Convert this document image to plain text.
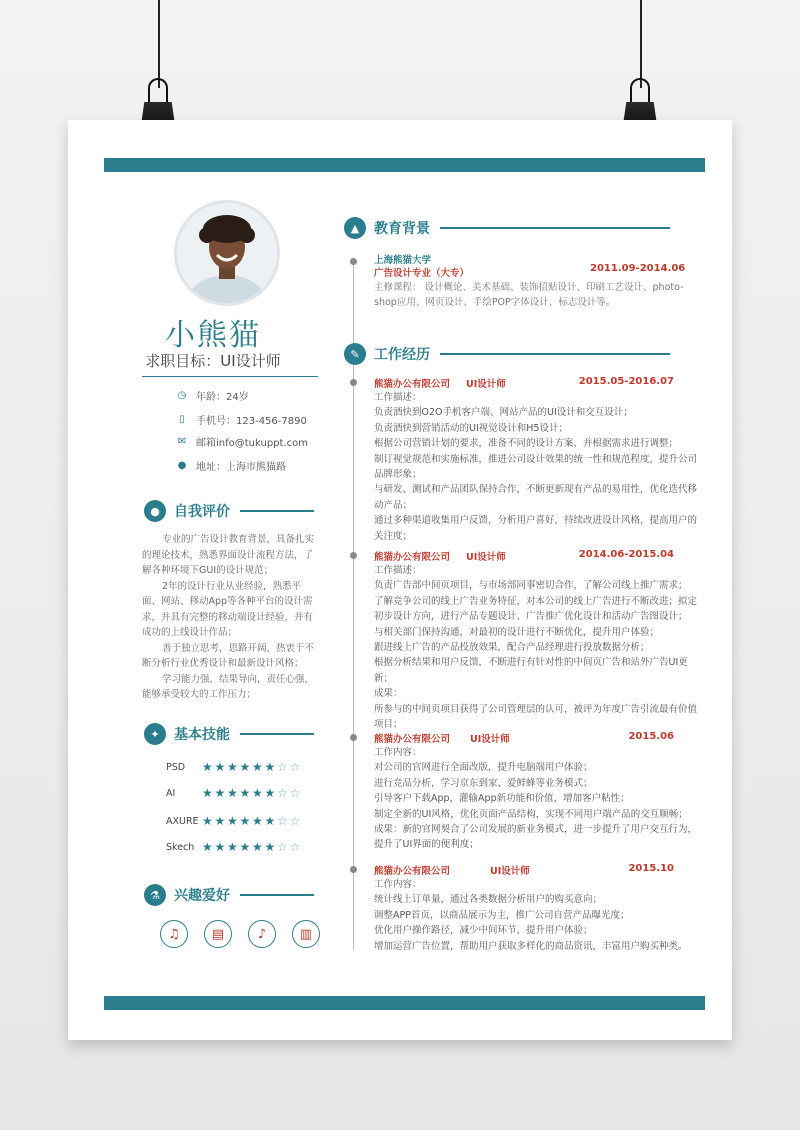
小熊猫
求职目标：UI设计师
◷ 年龄：24岁
▯	手机号：123-456-7890
✉ 邮箱info@tukuppt.com
● 地址：上海市熊猫路
●	自我评价
专业的广告设计教育背景，具备扎实的理论技术，熟悉界面设计流程方法，了解各种环境下GUI的设计规范；
2年的设计行业从业经验，熟悉平面、网站、移动App等各种平台的设计需求，并具有完整的移动端设计经验，并有成功的上线设计作品；
善于独立思考，思路开阔，热衷于不断分析行业优秀设计和最新设计风格；
学习能力强，结果导向，责任心强，能够承受较大的工作压力；
✦	基本技能
PSD	★ ★ ★ ★ ★ ★ ☆ ☆
AI	★ ★ ★ ★ ★ ★ ☆ ☆
AXURE ★ ★ ★ ★ ★ ★ ☆ ☆
Skech ★ ★ ★ ★ ★ ★ ☆ ☆
⚗	兴趣爱好
♫	▤	♪	▥
▲	教育背景
上海熊猫大学
广告设计专业（大专）	2011.09-2014.06
主修课程： 设计概论、美术基础、装饰招贴设计、印刷工艺设计、photo-shop应用、网页设计、手绘POP字体设计、标志设计等。
✎	工作经历
熊猫办公有限公司 UI设计师	2015.05-2016.07
工作描述：
负责酒快到O2O手机客户端、网站产品的UI设计和交互设计；
负责酒快到营销活动的UI视觉设计和H5设计；
根据公司营销计划的要求，准备不同的设计方案，并根据需求进行调整；
制订视觉规范和实施标准，推进公司设计效果的统一性和规范程度，提升公司品牌形象；
与研发、测试和产品团队保持合作，不断更新现有产品的易用性，优化迭代移动产品；
通过多种渠道收集用户反馈，分析用户喜好，持续改进设计风格，提高用户的关注度；
熊猫办公有限公司 UI设计师	2014.06-2015.04
工作描述：
负责广告部中间页项目，与市场部同事密切合作，了解公司线上推广需求；
了解竞争公司的线上广告业务特征，对本公司的线上广告进行不断改进；拟定初步设计方向，进行产品专题设计、广告推广优化设计和活动广告图设计；
与相关部门保持沟通，对最初的设计进行不断优化，提升用户体验；
跟进线上广告的产品投放效果，配合产品经理进行投放数据分析；
根据分析结果和用户反馈，不断进行有针对性的中间页广告和站外广告UI更新；
成果：
所参与的中间页项目获得了公司管理层的认可，被评为年度广告引流最有价值项目；
熊猫办公有限公司 UI设计师	2015.06
工作内容：
对公司的官网进行全面改版，提升电脑端用户体验；
进行竞品分析，学习京东到家、爱鲜蜂等业务模式；
引导客户下载App，灌输App新功能和价值，增加客户粘性；
制定全新的UI风格，优化页面产品结构，实现不同用户端产品的交互顺畅；
成果：新的官网契合了公司发展的新业务模式，进一步提升了用户交互行为，提升了UI界面的便利度；
熊猫办公有限公司	UI设计师	2015.10
工作内容：
统计线上订单量，通过各类数据分析用户的购买意向；
调整APP首页，以商品展示为主，推广公司自营产品曝光度；
优化用户操作路径，减少中间环节，提升用户体验；
增加运营广告位置，帮助用户获取多样化的商品资讯，丰富用户购买种类。
